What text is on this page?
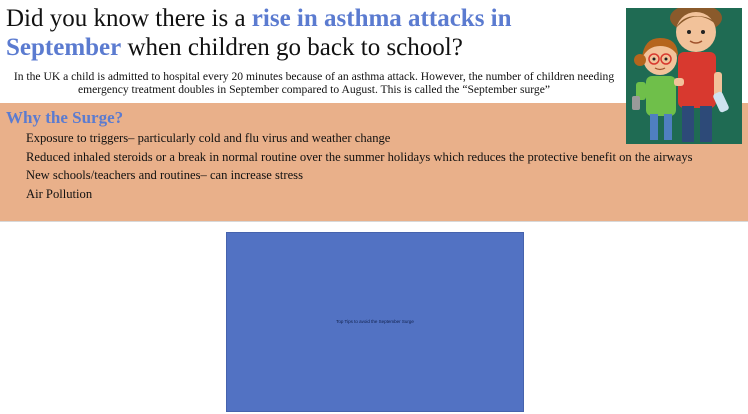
Did you know there is a rise in asthma attacks in September when children go back to school?
In the UK a child is admitted to hospital every 20 minutes because of an asthma attack. However, the number of children needing emergency treatment doubles in September compared to August. This is called the “September surge”
Why the Surge?
Exposure to triggers– particularly cold and flu virus and weather change
Reduced inhaled steroids or a break in normal routine over the summer holidays which reduces the protective benefit on the airways
New schools/teachers and routines– can increase stress
Air Pollution
Top Tips to avoid the September Surge
